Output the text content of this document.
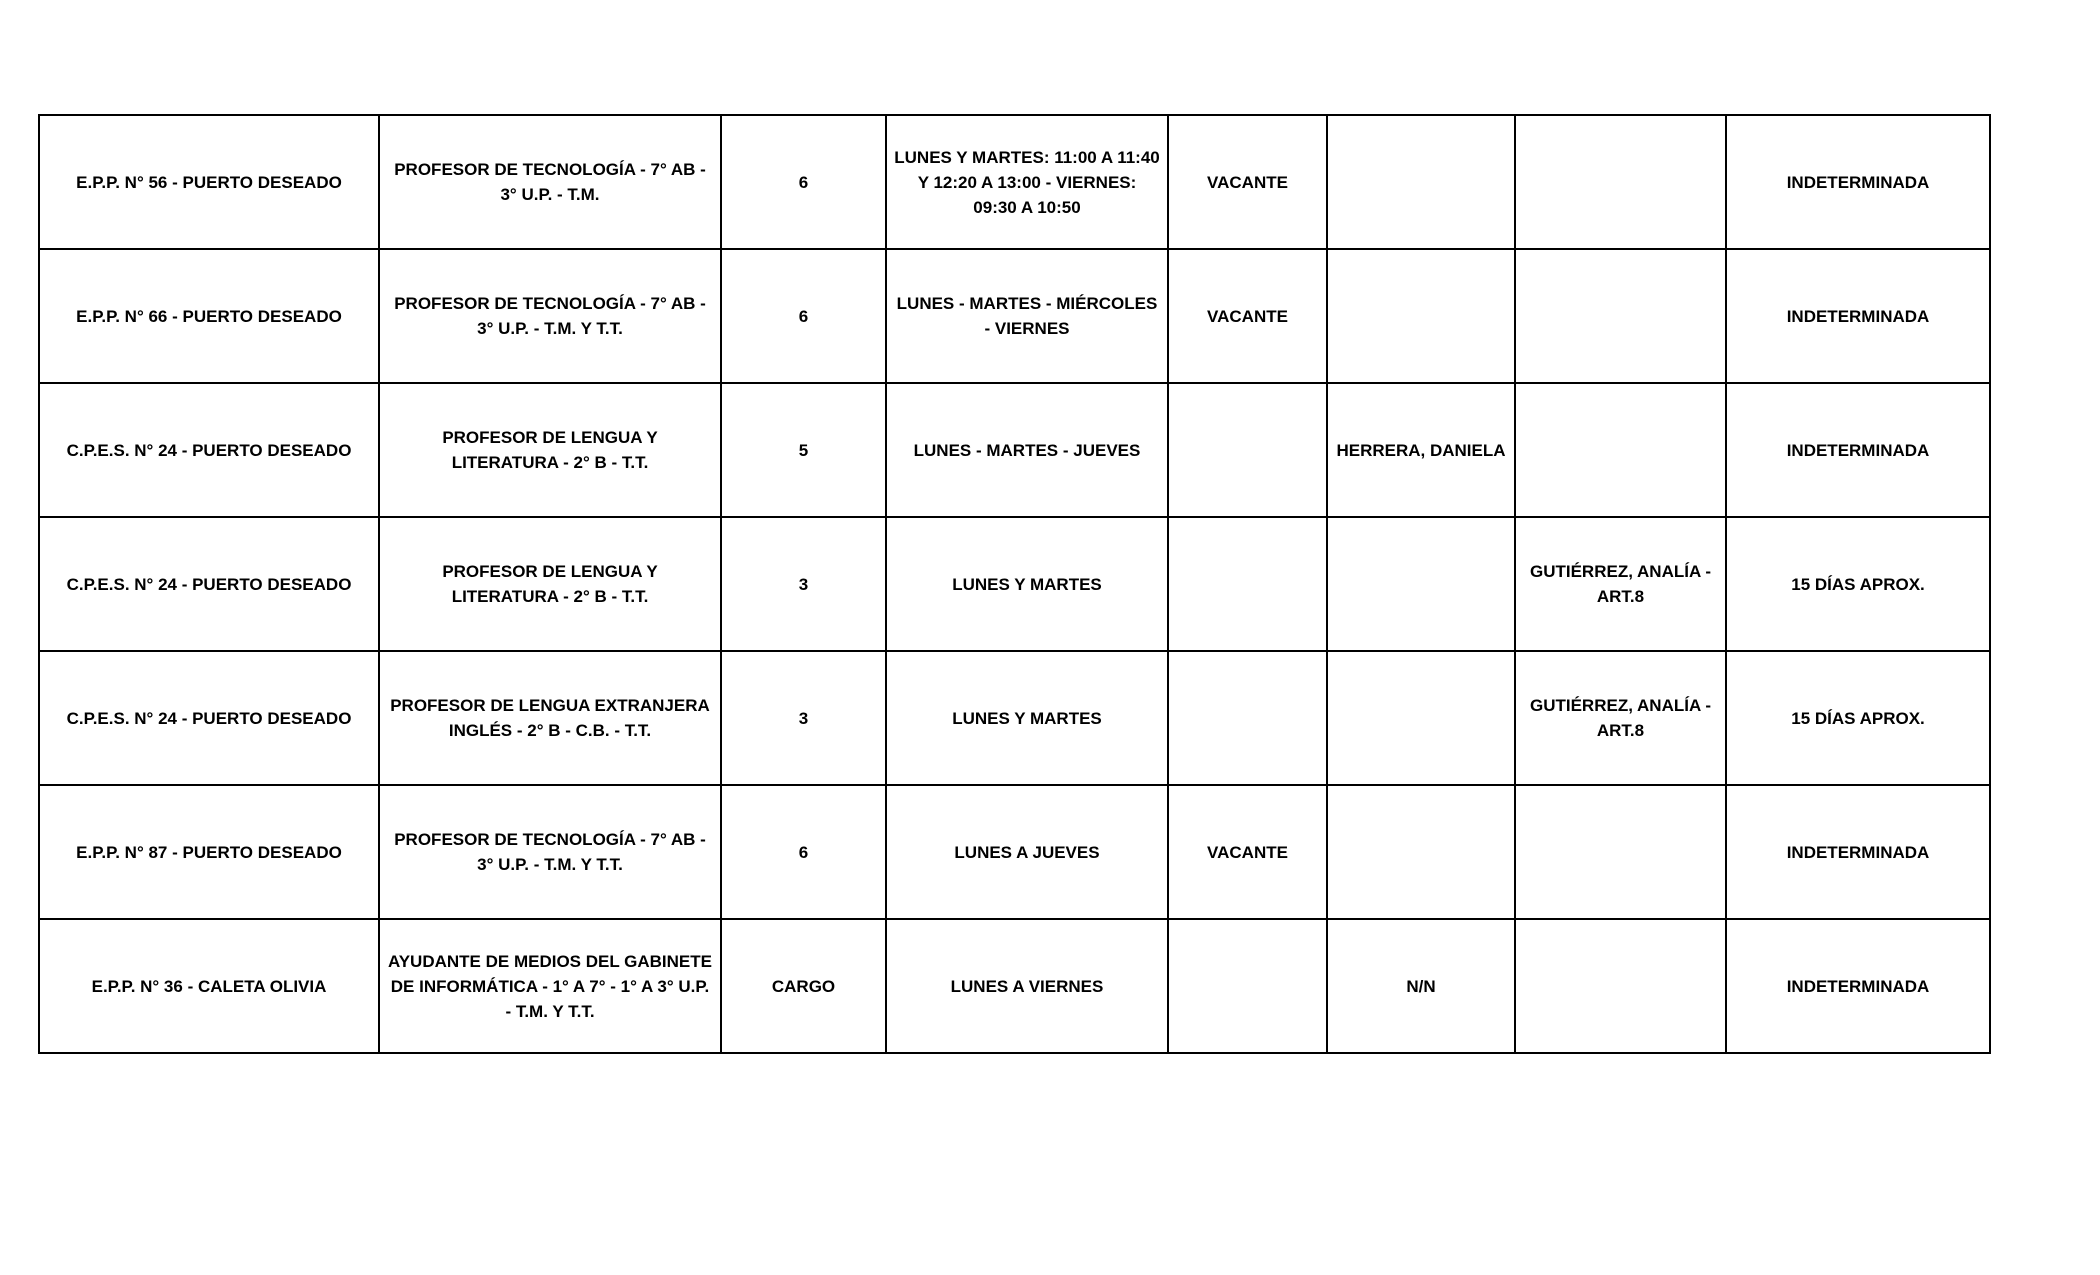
E.P.P. N° 56 - PUERTO DESEADO	PROFESOR DE TECNOLOGÍA - 7° AB - 3° U.P. - T.M.	6	LUNES Y MARTES: 11:00 A 11:40 Y 12:20 A 13:00 - VIERNES: 09:30 A 10:50	VACANTE			INDETERMINADA
E.P.P. N° 66 - PUERTO DESEADO	PROFESOR DE TECNOLOGÍA - 7° AB - 3° U.P. - T.M. Y T.T.	6	LUNES - MARTES - MIÉRCOLES - VIERNES	VACANTE			INDETERMINADA
C.P.E.S. N° 24 - PUERTO DESEADO	PROFESOR DE LENGUA Y LITERATURA - 2° B - T.T.	5	LUNES - MARTES - JUEVES		HERRERA, DANIELA		INDETERMINADA
C.P.E.S. N° 24 - PUERTO DESEADO	PROFESOR DE LENGUA Y LITERATURA - 2° B - T.T.	3	LUNES Y MARTES			GUTIÉRREZ, ANALÍA - ART.8	15 DÍAS APROX.
C.P.E.S. N° 24 - PUERTO DESEADO	PROFESOR DE LENGUA EXTRANJERA INGLÉS - 2° B - C.B. - T.T.	3	LUNES Y MARTES			GUTIÉRREZ, ANALÍA - ART.8	15 DÍAS APROX.
E.P.P. N° 87 - PUERTO DESEADO	PROFESOR DE TECNOLOGÍA - 7° AB - 3° U.P. - T.M. Y T.T.	6	LUNES A JUEVES	VACANTE			INDETERMINADA
E.P.P. N° 36 - CALETA OLIVIA	AYUDANTE DE MEDIOS DEL GABINETE DE INFORMÁTICA - 1° A 7° - 1° A 3° U.P. - T.M. Y T.T.	CARGO	LUNES A VIERNES		N/N		INDETERMINADA
